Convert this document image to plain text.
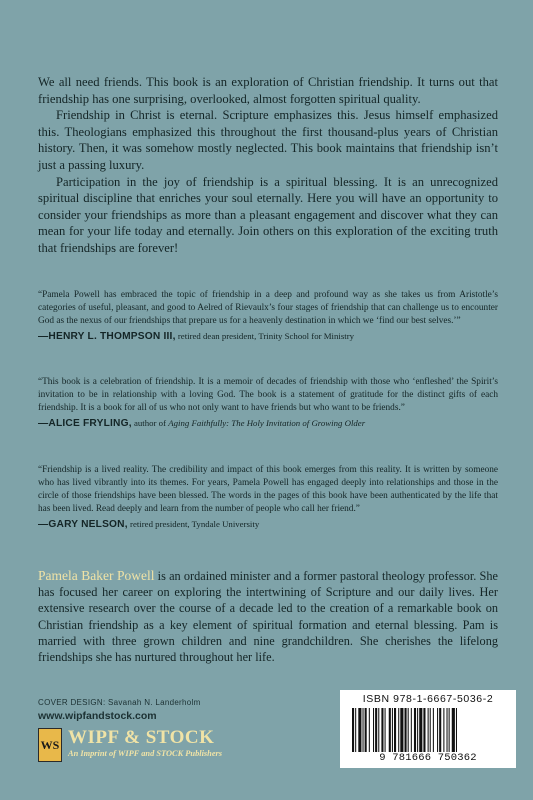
We all need friends. This book is an exploration of Christian friendship. It turns out that friendship has one surprising, overlooked, almost forgotten spiritual quality.

Friendship in Christ is eternal. Scripture emphasizes this. Jesus himself emphasized this. Theologians emphasized this throughout the first thousand-plus years of Christian history. Then, it was somehow mostly neglected. This book maintains that friendship isn’t just a passing luxury.

Participation in the joy of friendship is a spiritual blessing. It is an unrecognized spiritual discipline that enriches your soul eternally. Here you will have an opportunity to consider your friendships as more than a pleasant engagement and discover what they can mean for your life today and eternally. Join others on this exploration of the exciting truth that friendships are forever!

“Pamela Powell has embraced the topic of friendship in a deep and profound way as she takes us from Aristotle’s categories of useful, pleasant, and good to Aelred of Rievaulx’s four stages of friendship that can challenge us to encounter God as the nexus of our friendships that prepare us for a heavenly destination in which we ‘find our best selves.’”

—HENRY L. THOMPSON III, retired dean president, Trinity School for Ministry

“This book is a celebration of friendship. It is a memoir of decades of friendship with those who ‘enfleshed’ the Spirit’s invitation to be in relationship with a loving God. The book is a statement of gratitude for the distinct gifts of each friendship. It is a book for all of us who not only want to have friends but who want to be friends.”

—ALICE FRYLING, author of Aging Faithfully: The Holy Invitation of Growing Older

“Friendship is a lived reality. The credibility and impact of this book emerges from this reality. It is written by someone who has lived vibrantly into its themes. For years, Pamela Powell has engaged deeply into relationships and those in the circle of those friendships have been blessed. The words in the pages of this book have been authenticated by the life that has been lived. Read deeply and learn from the number of people who call her friend.”

—GARY NELSON, retired president, Tyndale University

Pamela Baker Powell is an ordained minister and a former pastoral theology professor. She has focused her career on exploring the intertwining of Scripture and our daily lives. Her extensive research over the course of a decade led to the creation of a remarkable book on Christian friendship as a key element of spiritual formation and eternal blessing. Pam is married with three grown children and nine grandchildren. She cherishes the lifelong friendships she has nurtured throughout her life.

COVER DESIGN: Savanah N. Landerholm
www.wipfandstock.com
WS WIPF & STOCK
An Imprint of WIPF and STOCK Publishers
ISBN 978-1-6667-5036-2
9 781666 750362
